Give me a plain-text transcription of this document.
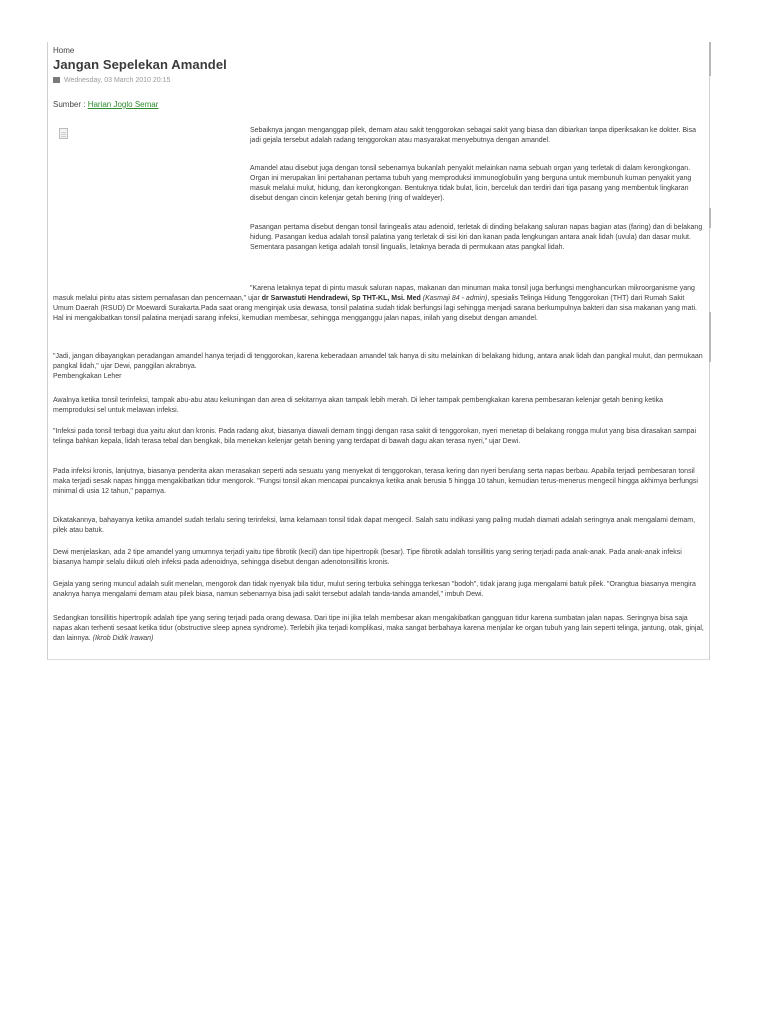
Home
Jangan Sepelekan Amandel
Wednesday, 03 March 2010 20:15
Sumber : Harian Joglo Semar

Sebaiknya jangan menganggap pilek, demam atau sakit tenggorokan sebagai sakit yang biasa dan dibiarkan tanpa diperiksakan ke dokter. Bisa jadi gejala tersebut adalah radang tenggorokan atau masyarakat menyebutnya dengan amandel.

Amandel atau disebut juga dengan tonsil sebenarnya bukanlah penyakit melainkan nama sebuah organ yang terletak di dalam kerongkongan. Organ ini merupakan lini pertahanan pertama tubuh yang memproduksi immunoglobulin yang berguna untuk membunuh kuman penyakit yang masuk melalui mulut, hidung, dan kerongkongan. Bentuknya tidak bulat, licin, berceluk dan terdiri dari tiga pasang yang membentuk lingkaran disebut dengan cincin kelenjar getah bening (ring of waldeyer).

Pasangan pertama disebut dengan tonsil faringealis atau adenoid, terletak di dinding belakang saluran napas bagian atas (faring) dan di belakang hidung. Pasangan kedua adalah tonsil palatina yang terletak di sisi kiri dan kanan pada lengkungan antara anak lidah (uvula) dan dasar mulut. Sementara pasangan ketiga adalah tonsil lingualis, letaknya berada di permukaan atas pangkal lidah.

"Karena letaknya tepat di pintu masuk saluran napas, makanan dan minuman maka tonsil juga berfungsi menghancurkan mikroorganisme yang masuk melalui pintu atas sistem pernafasan dan pencernaan," ujar dr Sarwastuti Hendradewi, Sp THT-KL, Msi. Med (Kasmaji 84 - admin), spesialis Telinga Hidung Tenggorokan (THT) dari Rumah Sakit Umum Daerah (RSUD) Dr Moewardi Surakarta.Pada saat orang menginjak usia dewasa, tonsil palatina sudah tidak berfungsi lagi sehingga menjadi sarana berkumpulnya bakteri dan sisa makanan yang mati. Hal ini mengakibatkan tonsil palatina menjadi sarang infeksi, kemudian membesar, sehingga mengganggu jalan napas, inilah yang disebut dengan amandel.

"Jadi, jangan dibayangkan peradangan amandel hanya terjadi di tenggorokan, karena keberadaan amandel tak hanya di situ melainkan di belakang hidung, antara anak lidah dan pangkal mulut, dan permukaan pangkal lidah," ujar Dewi, panggilan akrabnya.

Pembengkakan Leher

Awalnya ketika tonsil terinfeksi, tampak abu-abu atau kekuningan dan area di sekitarnya akan tampak lebih merah. Di leher tampak pembengkakan karena pembesaran kelenjar getah bening ketika memproduksi sel untuk melawan infeksi.

"Infeksi pada tonsil terbagi dua yaitu akut dan kronis. Pada radang akut, biasanya diawali demam tinggi dengan rasa sakit di tenggorokan, nyeri menetap di belakang rongga mulut yang bisa dirasakan sampai telinga bahkan kepala, lidah terasa tebal dan bengkak, bila menekan kelenjar getah bening yang terdapat di bawah dagu akan terasa nyeri," ujar Dewi.

Pada infeksi kronis, lanjutnya, biasanya penderita akan merasakan seperti ada sesuatu yang menyekat di tenggorokan, terasa kering dan nyeri berulang serta napas berbau. Apabila terjadi pembesaran tonsil maka terjadi sesak napas hingga mengakibatkan tidur mengorok. "Fungsi tonsil akan mencapai puncaknya ketika anak berusia 5 hingga 10 tahun, kemudian terus-menerus mengecil hingga akhirnya berfungsi minimal di usia 12 tahun," paparnya.

Dikatakannya, bahayanya ketika amandel sudah terlalu sering terinfeksi, lama kelamaan tonsil tidak dapat mengecil. Salah satu indikasi yang paling mudah diamati adalah seringnya anak mengalami demam, pilek atau batuk.

Dewi menjelaskan, ada 2 tipe amandel yang umumnya terjadi yaitu tipe fibrotik (kecil) dan tipe hipertropik (besar). Tipe fibrotik adalah tonsillitis yang sering terjadi pada anak-anak. Pada anak-anak infeksi biasanya hampir selalu diikuti oleh infeksi pada adenoidnya, sehingga disebut dengan adenotonsillitis kronis.

Gejala yang sering muncul adalah sulit menelan, mengorok dan tidak nyenyak bila tidur, mulut sering terbuka sehingga terkesan "bodoh", tidak jarang juga mengalami batuk pilek. "Orangtua biasanya mengira anaknya hanya mengalami demam atau pilek biasa, namun sebenarnya bisa jadi sakit tersebut adalah tanda-tanda amandel," imbuh Dewi.

Sedangkan tonsillitis hipertropik adalah tipe yang sering terjadi pada orang dewasa. Dari tipe ini jika telah membesar akan mengakibatkan gangguan tidur karena sumbatan jalan napas. Seringnya bisa saja napas akan terhenti sesaat ketika tidur (obstructive sleep apnea syndrome). Terlebih jika terjadi komplikasi, maka sangat berbahaya karena menjalar ke organ tubuh yang lain seperti telinga, jantung, otak, ginjal, dan lainnya. (Ikrob Didik Irawan)
